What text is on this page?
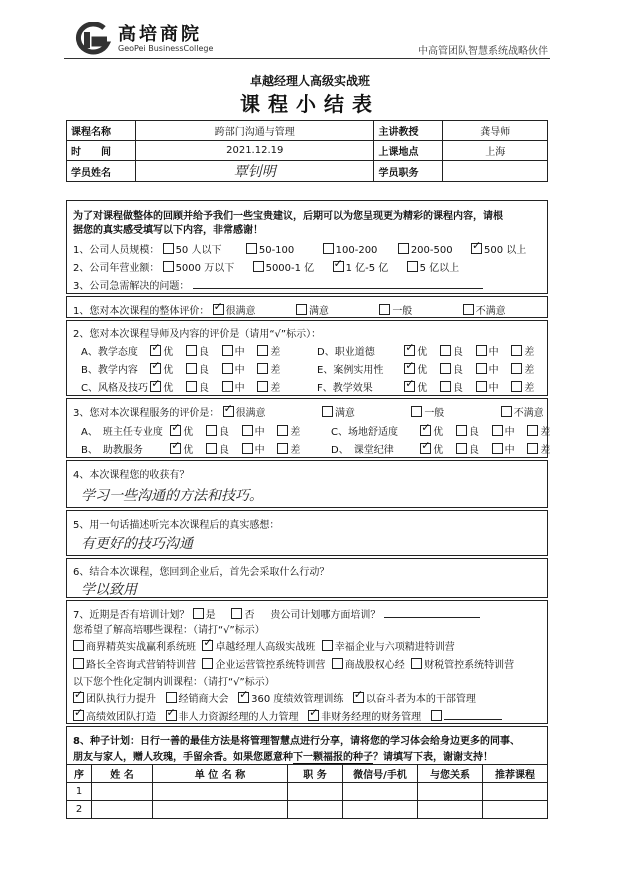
高培商院
GeoPei BusinessCollege	中高管团队智慧系统战略伙伴
卓越经理人高级实战班
课程小结表
课程名称	跨部门沟通与管理	主讲教授	龚导师
时　　间	2021.12.19	上课地点	上海
学员姓名	覃钊明	学员职务	
为了对课程做整体的回顾并给予我们一些宝贵建议，后期可以为您呈现更为精彩的课程内容，请根
据您的真实感受填写以下内容，非常感谢！
1、公司人员规模： 50 人以下	50-100	100-200	200-500 ✓	500 以上
2、公司年营业额： 5000 万以下	5000-1 亿 ✓	1 亿-5 亿	5 亿以上
3、公司急需解决的问题：
1、您对本次课程的整体评价： ✓ 很满意	满意	一般	不满意
2、您对本次课程导师及内容的评价是（请用“√”标示）：
A、教学态度 ✓	优	良	中	差	D、职业道德 ✓	优	良	中	差
B、教学内容 ✓	优	良	中	差	E、案例实用性 ✓	优	良	中	差
C、风格及技巧 ✓ 优	良	中	差	F、教学效果 ✓	优	良	中	差
3、您对本次课程服务的评价是： ✓ 很满意	满意	一般	不满意
A、　班主任专业度 ✓ 优	良	中	差	C、场地舒适度 ✓	优	良	中	差
B、　助教服务 ✓	优	良	中	差	D、　课堂纪律 ✓	优	良	中	差
4、本次课程您的收获有？
学习一些沟通的方法和技巧。
5、用一句话描述听完本次课程后的真实感想：
有更好的技巧沟通
6、结合本次课程，您回到企业后，首先会采取什么行动？
学以致用
7、近期是否有培训计划？ 是	否 贵公司计划哪方面培训？
您希望了解高培哪些课程：（请打“√”标示）
商界精英实战赢利系统班 ✓ 卓越经理人高级实战班 幸福企业与六项精进特训营
路长全咨询式营销特训营 企业运营管控系统特训营 商战股权心经 财税管控系统特训营
以下您个性化定制内训课程：（请打“√”标示）
✓团队执行力提升 经销商大会 ✓ 360 度绩效管理训练 ✓ 以奋斗者为本的干部管理
✓高绩效团队打造 ✓ 非人力资源经理的人力管理 ✓ 非财务经理的财务管理
8、种子计划：日行一善的最佳方法是将管理智慧点进行分享，请将您的学习体会给身边更多的同事、
朋友与家人，赠人玫瑰，手留余香。如果您愿意种下一颗福报的种子？请填写下表，谢谢支持！
序	姓 名	单 位 名 称	职 务	微信号/手机	与您关系	推荐课程
1						
2						
